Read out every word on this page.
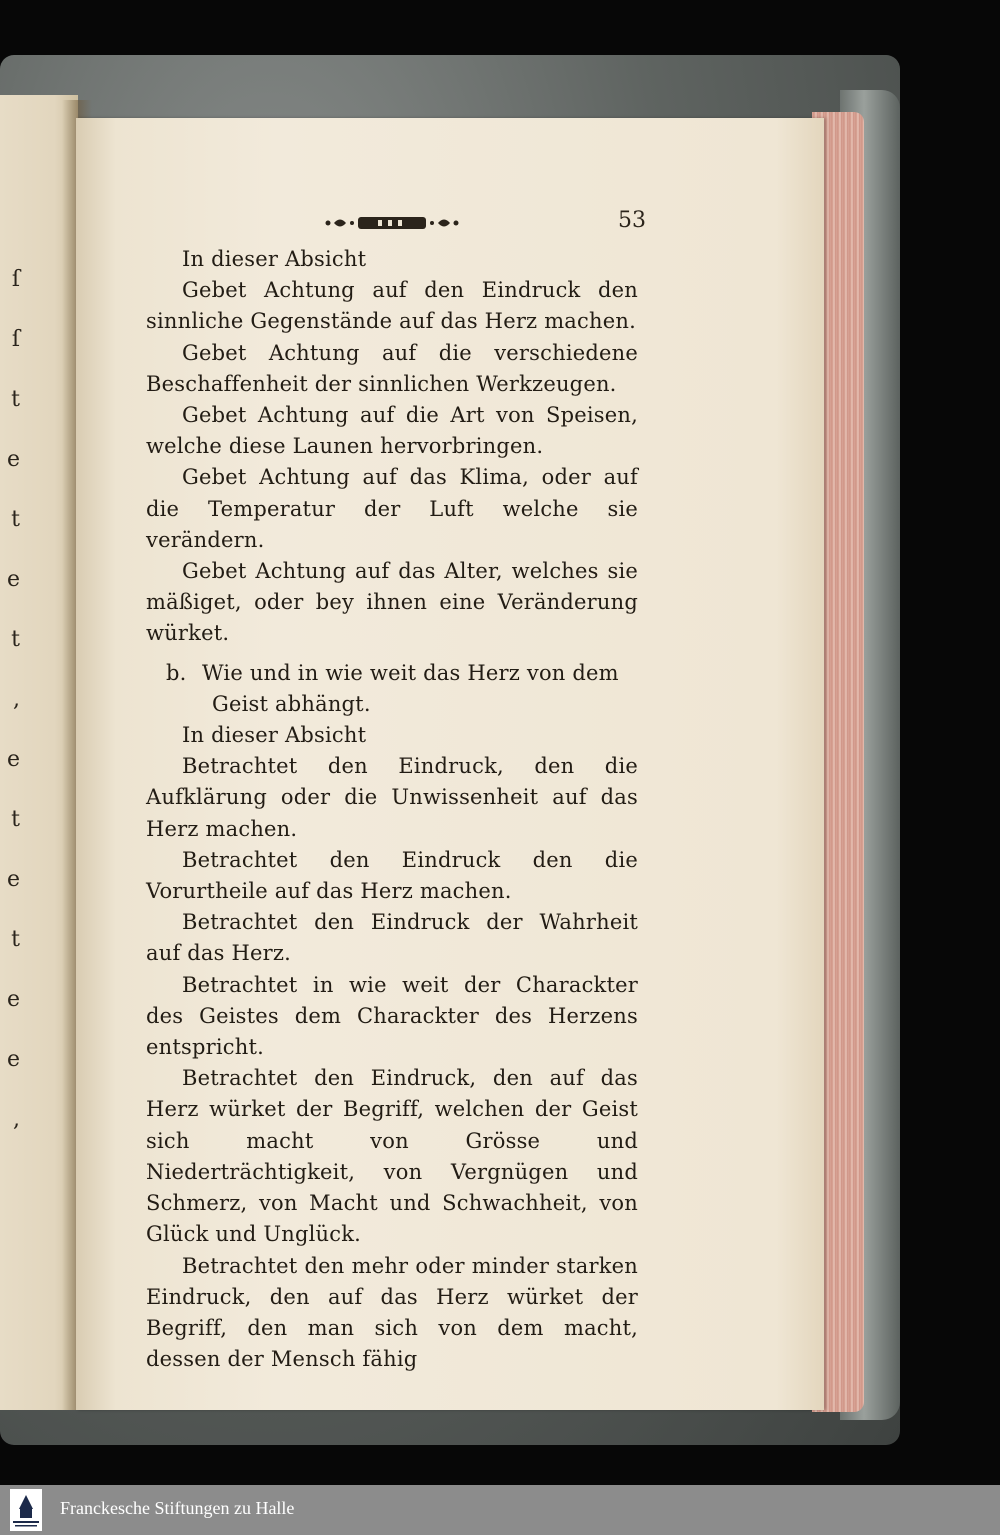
ſ
ſ
t
e
t
e
t
,
e
t
e
t
e
e
,
53

In dieser Absicht

Gebet Achtung auf den Eindruck den sinnliche Gegenstände auf das Herz machen.

Gebet Achtung auf die verschiedene Beschaffenheit der sinnlichen Werkzeugen.

Gebet Achtung auf die Art von Speisen, welche diese Launen hervorbringen.

Gebet Achtung auf das Klima, oder auf die Temperatur der Luft welche sie verändern.

Gebet Achtung auf das Alter, welches sie mäßiget, oder bey ihnen eine Veränderung würket.

b. Wie und in wie weit das Herz von dem
Geist abhängt.

In dieser Absicht

Betrachtet den Eindruck, den die Aufklärung oder die Unwissenheit auf das Herz machen.

Betrachtet den Eindruck den die Vorurtheile auf das Herz machen.

Betrachtet den Eindruck der Wahrheit auf das Herz.

Betrachtet in wie weit der Charackter des Geistes dem Charackter des Herzens entspricht.

Betrachtet den Eindruck, den auf das Herz würket der Begriff, welchen der Geist sich macht von Grösse und Niederträchtigkeit, von Vergnügen und Schmerz, von Macht und Schwachheit, von Glück und Unglück.

Betrachtet den mehr oder minder starken Eindruck, den auf das Herz würket der Begriff, den man sich von dem macht, dessen der Mensch fähig

Franckesche Stiftungen zu Halle
